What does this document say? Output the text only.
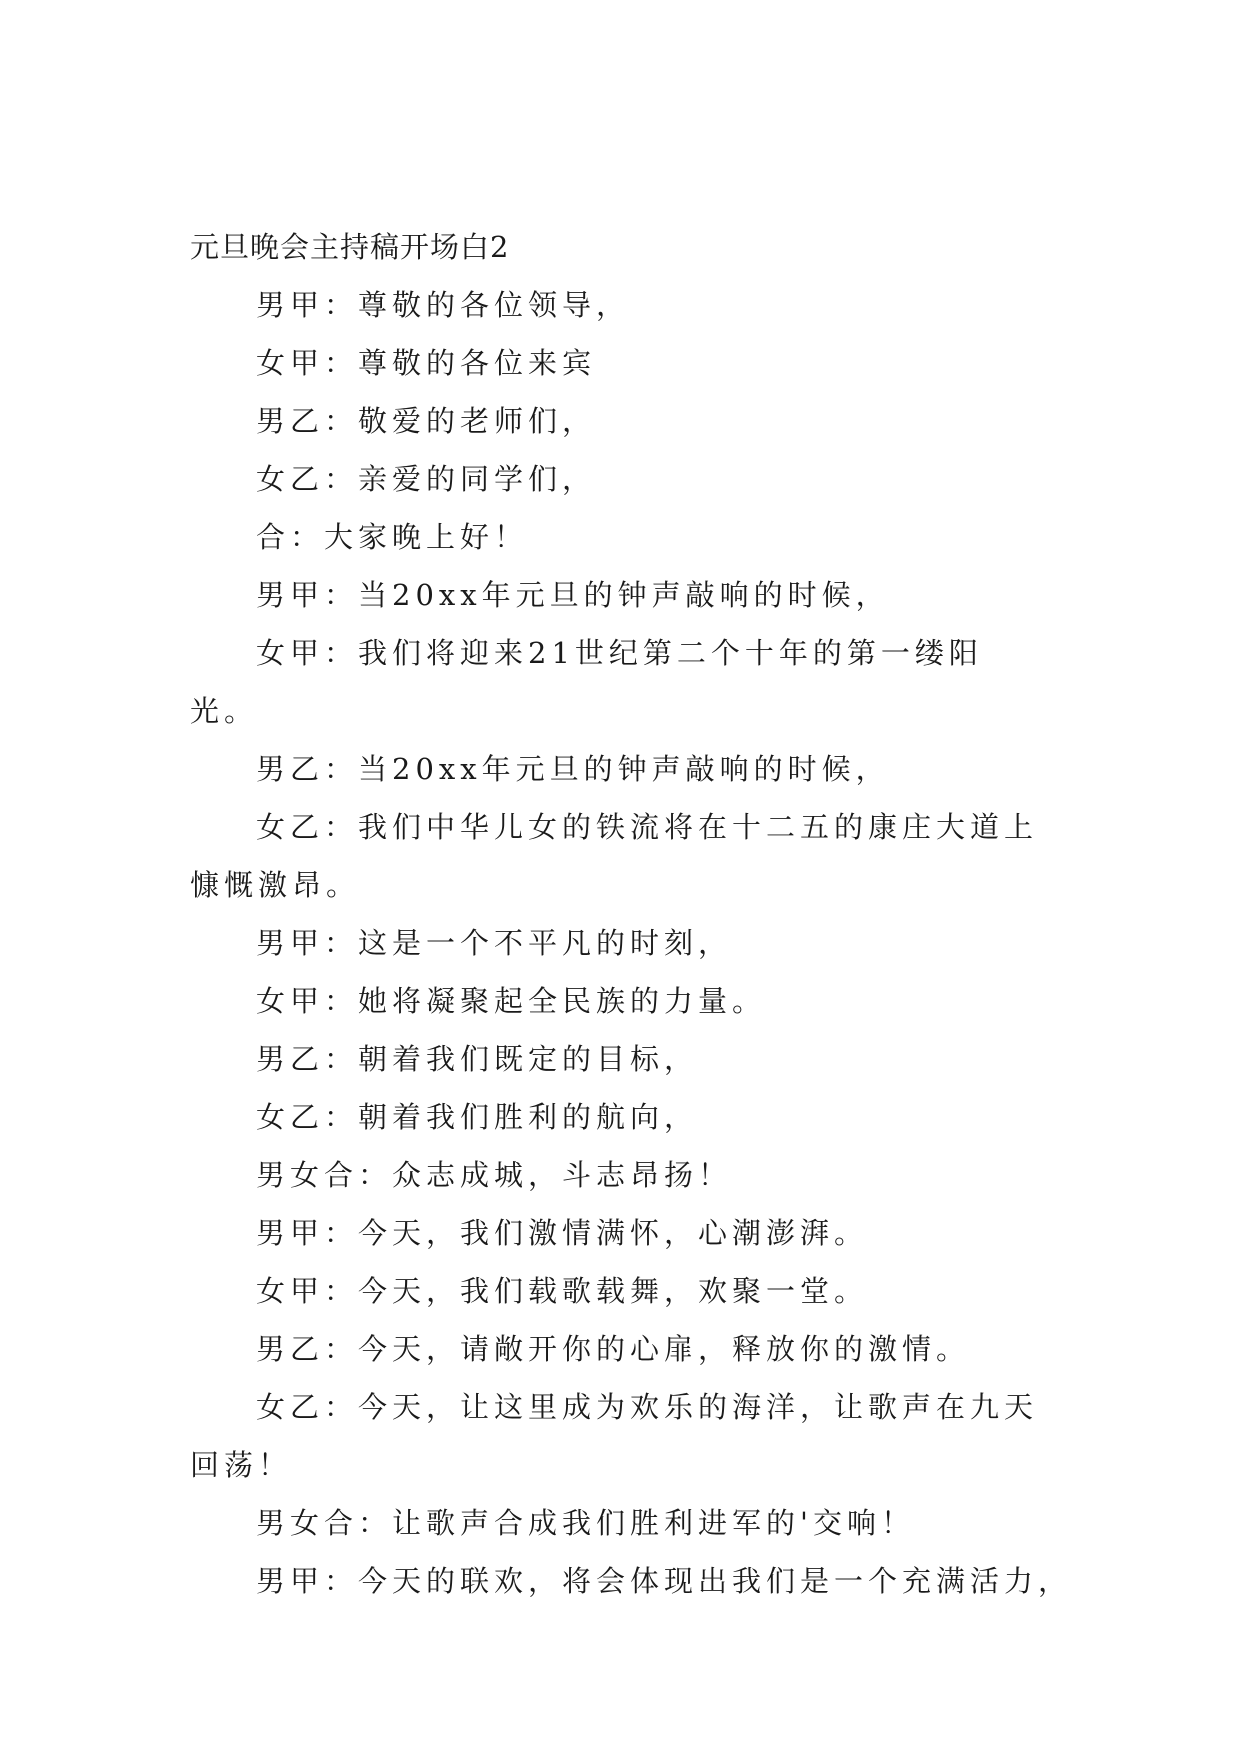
元旦晚会主持稿开场白2

男甲：尊敬的各位领导，

女甲：尊敬的各位来宾

男乙：敬爱的老师们，

女乙：亲爱的同学们，

合：大家晚上好！

男甲：当20xx年元旦的钟声敲响的时候，

女甲：我们将迎来21世纪第二个十年的第一缕阳光。

男乙：当20xx年元旦的钟声敲响的时候，

女乙：我们中华儿女的铁流将在十二五的康庄大道上慷慨激昂。

男甲：这是一个不平凡的时刻，

女甲：她将凝聚起全民族的力量。

男乙：朝着我们既定的目标，

女乙：朝着我们胜利的航向，

男女合：众志成城，斗志昂扬！

男甲：今天，我们激情满怀，心潮澎湃。

女甲：今天，我们载歌载舞，欢聚一堂。

男乙：今天，请敞开你的心扉，释放你的激情。

女乙：今天，让这里成为欢乐的海洋，让歌声在九天回荡！

男女合：让歌声合成我们胜利进军的'交响！

男甲：今天的联欢，将会体现出我们是一个充满活力，
